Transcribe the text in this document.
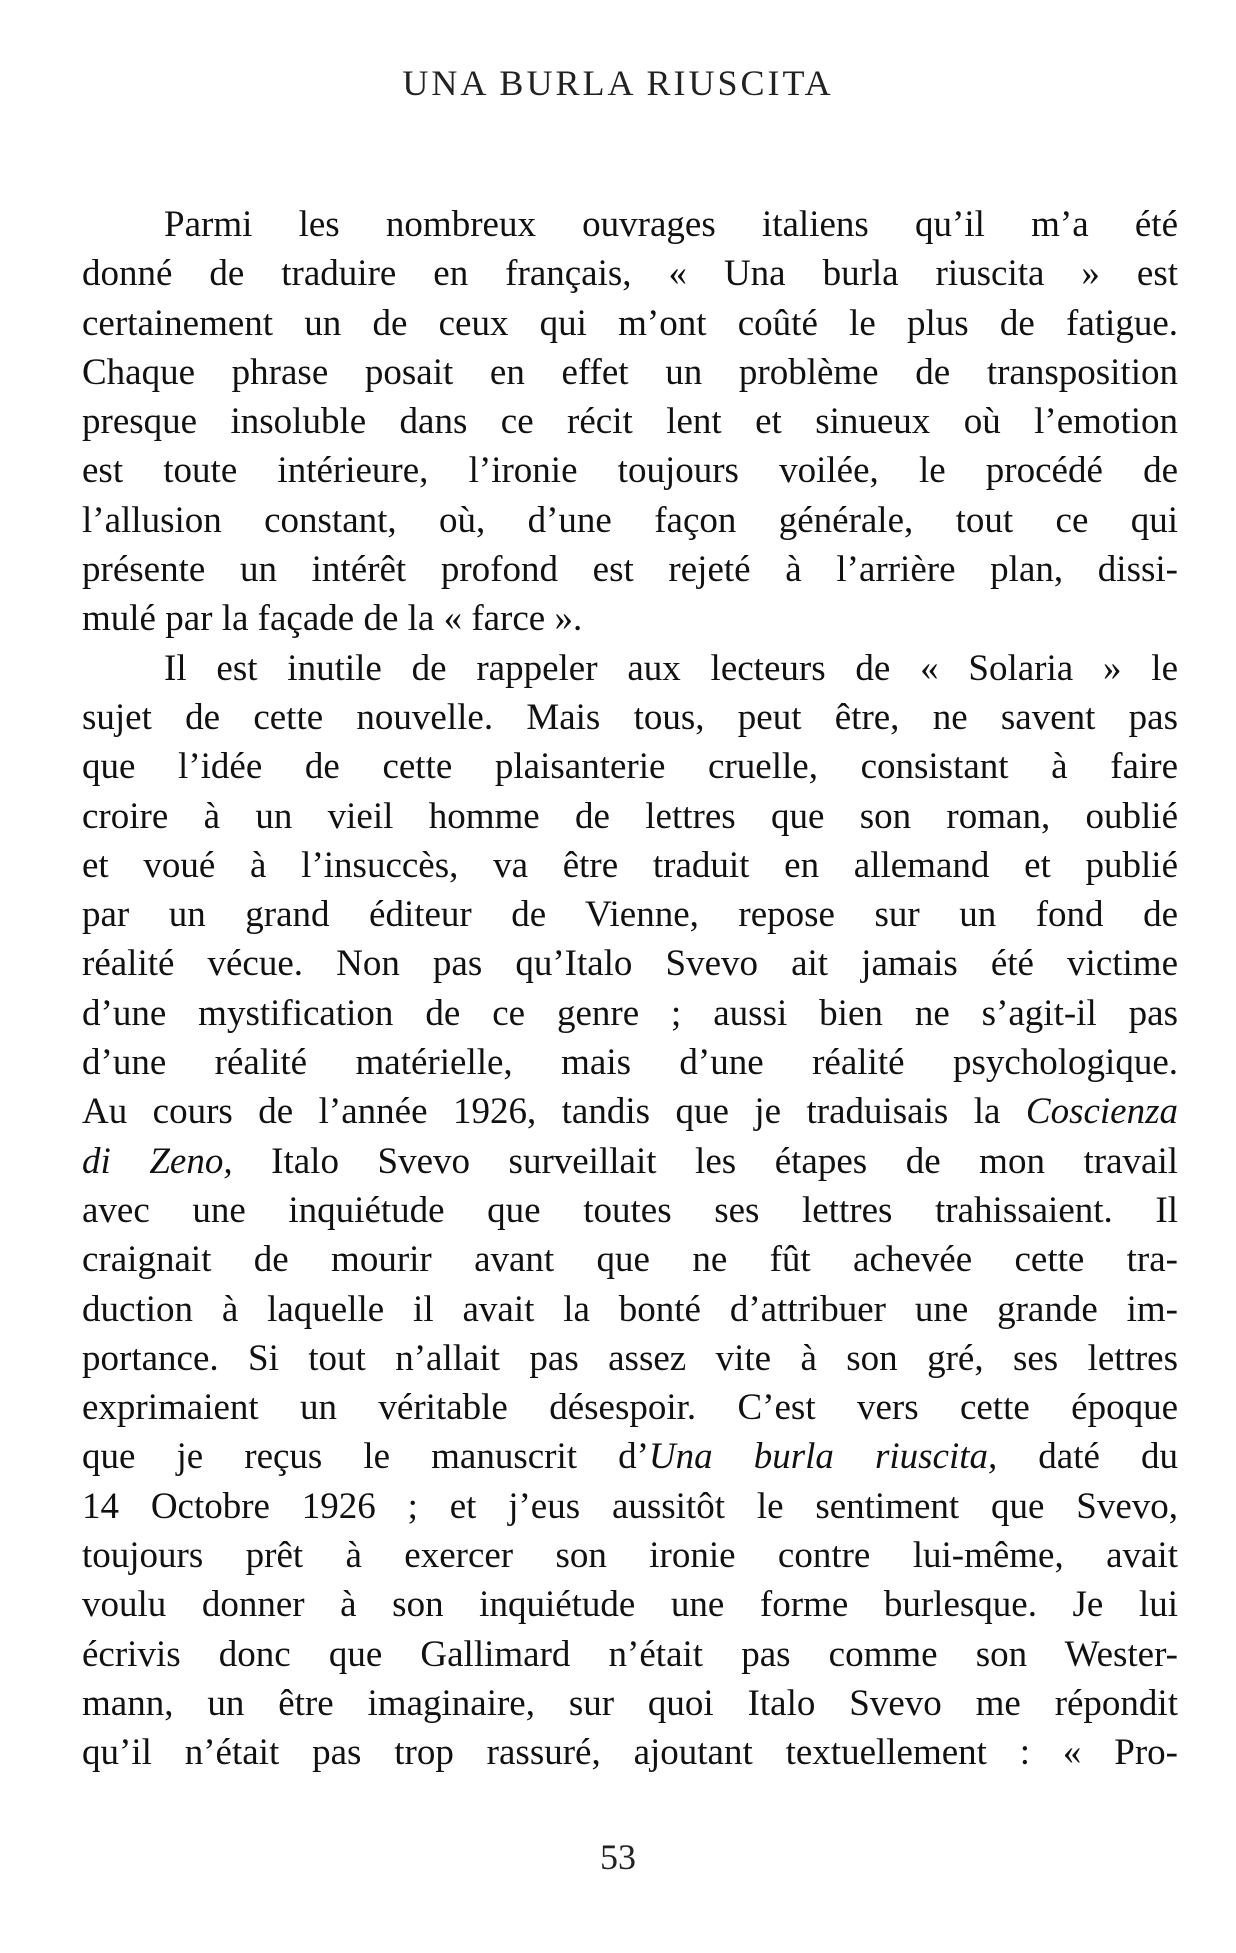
UNA BURLA RIUSCITA
Parmi les nombreux ouvrages italiens qu’il m’a été
donné de traduire en français, « Una burla riuscita » est
certainement un de ceux qui m’ont coûté le plus de fatigue.
Chaque phrase posait en effet un problème de transposition
presque insoluble dans ce récit lent et sinueux où l’emotion
est toute intérieure, l’ironie toujours voilée, le procédé de
l’allusion constant, où, d’une façon générale, tout ce qui
présente un intérêt profond est rejeté à l’arrière plan, dissi-
mulé par la façade de la « farce ».
Il est inutile de rappeler aux lecteurs de « Solaria » le
sujet de cette nouvelle. Mais tous, peut être, ne savent pas
que l’idée de cette plaisanterie cruelle, consistant à faire
croire à un vieil homme de lettres que son roman, oublié
et voué à l’insuccès, va être traduit en allemand et publié
par un grand éditeur de Vienne, repose sur un fond de
réalité vécue. Non pas qu’Italo Svevo ait jamais été victime
d’une mystification de ce genre ; aussi bien ne s’agit-il pas
d’une réalité matérielle, mais d’une réalité psychologique.
Au cours de l’année 1926, tandis que je traduisais la Coscienza
di Zeno, Italo Svevo surveillait les étapes de mon travail
avec une inquiétude que toutes ses lettres trahissaient. Il
craignait de mourir avant que ne fût achevée cette tra-
duction à laquelle il avait la bonté d’attribuer une grande im-
portance. Si tout n’allait pas assez vite à son gré, ses lettres
exprimaient un véritable désespoir. C’est vers cette époque
que je reçus le manuscrit d’Una burla riuscita, daté du
14 Octobre 1926 ; et j’eus aussitôt le sentiment que Svevo,
toujours prêt à exercer son ironie contre lui-même, avait
voulu donner à son inquiétude une forme burlesque. Je lui
écrivis donc que Gallimard n’était pas comme son Wester-
mann, un être imaginaire, sur quoi Italo Svevo me répondit
qu’il n’était pas trop rassuré, ajoutant textuellement : « Pro-
53
